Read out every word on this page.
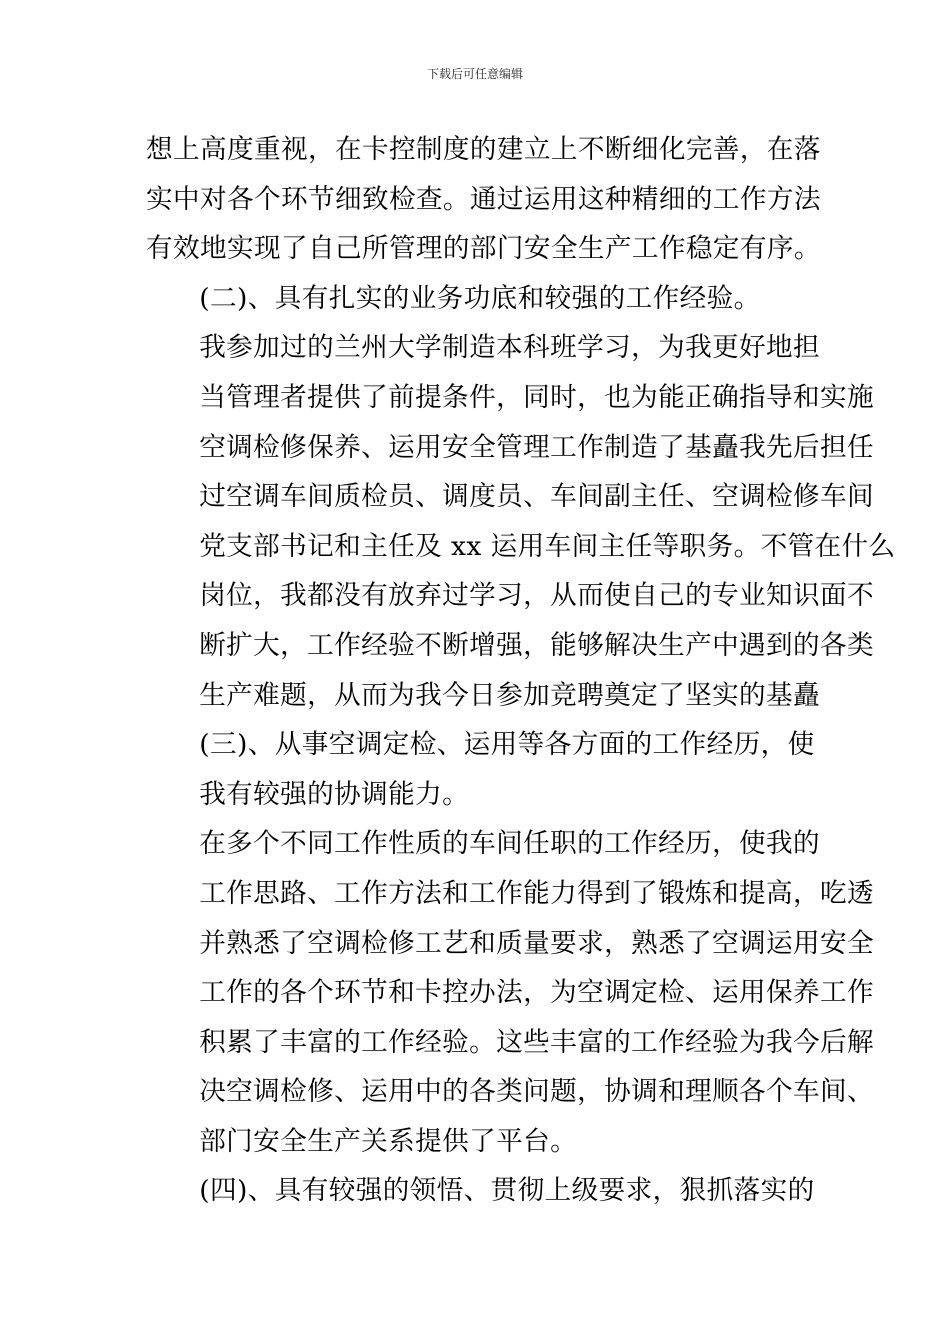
下载后可任意编辑

想上高度重视，在卡控制度的建立上不断细化完善，在落
实中对各个环节细致检查。通过运用这种精细的工作方法
有效地实现了自己所管理的部门安全生产工作稳定有序。

(二)、具有扎实的业务功底和较强的工作经验。

我参加过的兰州大学制造本科班学习，为我更好地担
当管理者提供了前提条件，同时，也为能正确指导和实施
空调检修保养、运用安全管理工作制造了基矗我先后担任
过空调车间质检员、调度员、车间副主任、空调检修车间
党支部书记和主任及 xx 运用车间主任等职务。不管在什么
岗位，我都没有放弃过学习，从而使自己的专业知识面不
断扩大，工作经验不断增强，能够解决生产中遇到的各类
生产难题，从而为我今日参加竞聘奠定了坚实的基矗

(三)、从事空调定检、运用等各方面的工作经历，使
我有较强的协调能力。

在多个不同工作性质的车间任职的工作经历，使我的
工作思路、工作方法和工作能力得到了锻炼和提高，吃透
并熟悉了空调检修工艺和质量要求，熟悉了空调运用安全
工作的各个环节和卡控办法，为空调定检、运用保养工作
积累了丰富的工作经验。这些丰富的工作经验为我今后解
决空调检修、运用中的各类问题，协调和理顺各个车间、
部门安全生产关系提供了平台。

(四)、具有较强的领悟、贯彻上级要求，狠抓落实的
